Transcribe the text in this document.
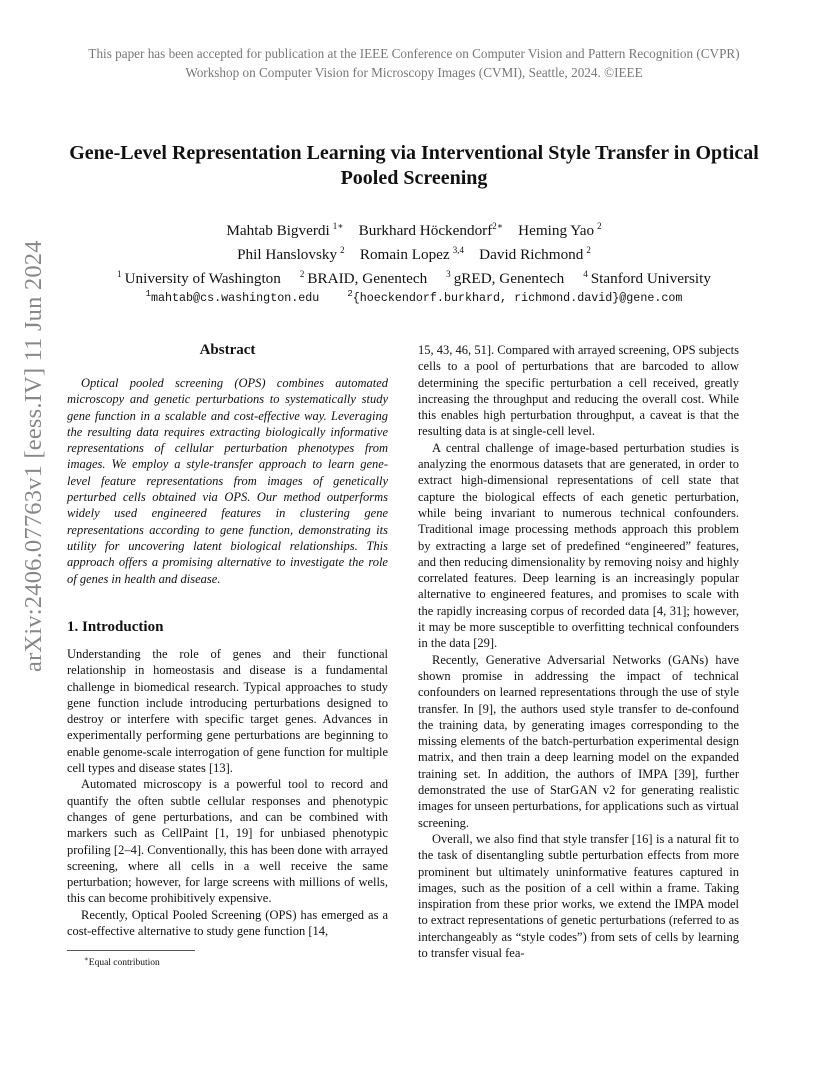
This paper has been accepted for publication at the IEEE Conference on Computer Vision and Pattern Recognition (CVPR)
Workshop on Computer Vision for Microscopy Images (CVMI), Seattle, 2024. ©IEEE
arXiv:2406.07763v1 [eess.IV] 11 Jun 2024
Gene-Level Representation Learning via Interventional Style Transfer in Optical Pooled Screening
Mahtab Bigverdi  $^{1∗}$ Burkhard Höckendorf$^{2∗}$ Heming Yao  $^2$
Phil Hanslovsky  $^2$ Romain Lopez  $^{3,4}$ David Richmond  $^2$
$^1$  University of Washington $^2$  BRAID, Genentech $^3$  gRED, Genentech $^4$  Stanford University
$^1$mahtab@cs.washington.edu	$^2${hoeckendorf.burkhard, richmond.david}@gene.com
Abstract
Optical pooled screening (OPS) combines automated microscopy and genetic perturbations to systematically study gene function in a scalable and cost-effective way. Leveraging the resulting data requires extracting biologically informative representations of cellular perturbation phenotypes from images. We employ a style-transfer approach to learn gene-level feature representations from images of genetically perturbed cells obtained via OPS. Our method outperforms widely used engineered features in clustering gene representations according to gene function, demonstrating its utility for uncovering latent biological relationships. This approach offers a promising alternative to investigate the role of genes in health and disease.
1. Introduction

Understanding the role of genes and their functional relationship in homeostasis and disease is a fundamental challenge in biomedical research. Typical approaches to study gene function include introducing perturbations designed to destroy or interfere with specific target genes. Advances in experimentally performing gene perturbations are beginning to enable genome-scale interrogation of gene function for multiple cell types and disease states [13].

Automated microscopy is a powerful tool to record and quantify the often subtle cellular responses and phenotypic changes of gene perturbations, and can be combined with markers such as CellPaint [1, 19] for unbiased phenotypic profiling [2–4]. Conventionally, this has been done with arrayed screening, where all cells in a well receive the same perturbation; however, for large screens with millions of wells, this can become prohibitively expensive.

Recently, Optical Pooled Screening (OPS) has emerged as a cost-effective alternative to study gene function [14,

15, 43, 46, 51]. Compared with arrayed screening, OPS subjects cells to a pool of perturbations that are barcoded to allow determining the specific perturbation a cell received, greatly increasing the throughput and reducing the overall cost. While this enables high perturbation throughput, a caveat is that the resulting data is at single-cell level.

A central challenge of image-based perturbation studies is analyzing the enormous datasets that are generated, in order to extract high-dimensional representations of cell state that capture the biological effects of each genetic perturbation, while being invariant to numerous technical confounders. Traditional image processing methods approach this problem by extracting a large set of predefined “engineered” features, and then reducing dimensionality by removing noisy and highly correlated features. Deep learning is an increasingly popular alternative to engineered features, and promises to scale with the rapidly increasing corpus of recorded data [4, 31]; however, it may be more susceptible to overfitting technical confounders in the data [29].

Recently, Generative Adversarial Networks (GANs) have shown promise in addressing the impact of technical confounders on learned representations through the use of style transfer. In [9], the authors used style transfer to de-confound the training data, by generating images corresponding to the missing elements of the batch-perturbation experimental design matrix, and then train a deep learning model on the expanded training set. In addition, the authors of IMPA [39], further demonstrated the use of StarGAN v2 for generating realistic images for unseen perturbations, for applications such as virtual screening.

Overall, we also find that style transfer [16] is a natural fit to the task of disentangling subtle perturbation effects from more prominent but ultimately uninformative features captured in images, such as the position of a cell within a frame. Taking inspiration from these prior works, we extend the IMPA model to extract representations of genetic perturbations (referred to as interchangeably as “style codes”) from sets of cells by learning to transfer visual fea-

∗Equal contribution
